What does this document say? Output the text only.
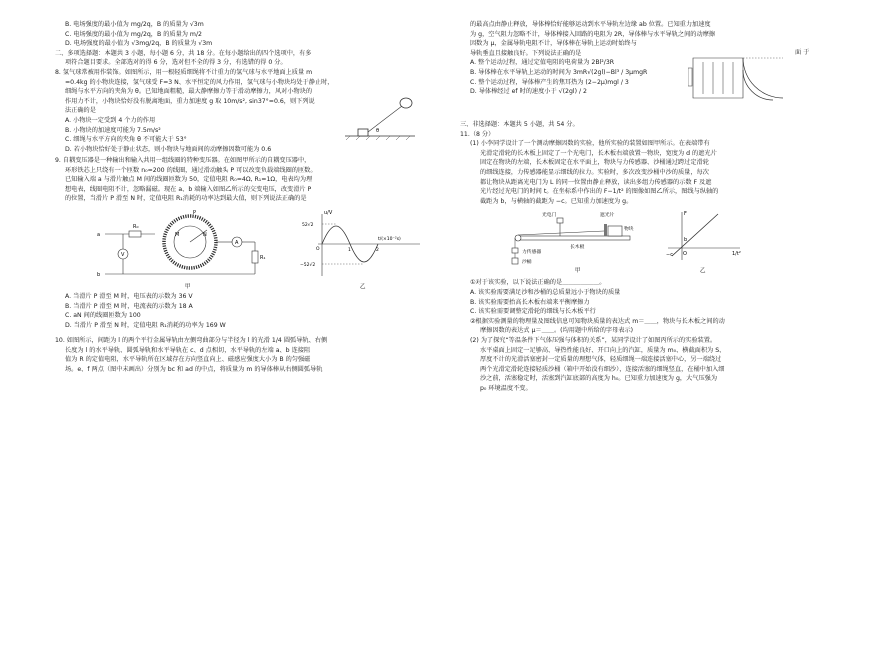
B. 电场强度的最小值为 mg/2q，B 的质量为 √3m
C. 电场强度的最小值为 mg/2q，B 的质量为 m/2
D. 电场强度的最小值为 √3mg/2q，B 的质量为 √3m
二、多项选择题：本题共 3 小题，每小题 6 分，共 18 分。在每小题给出的四个选项中，有多
项符合题目要求。全部选对的得 6 分，选对但不全的得 3 分，有选错的得 0 分。
8. 氢气球常被用作装饰。如图所示，用一根轻质细绳将不计重力的氢气球与水平地面上质量 m
=0.4kg 的小物块连接，氢气球受 F=3 N、水平恒定的风力作用，氢气球与小物块均处于静止时，
细绳与水平方向的夹角为 θ。已知地面粗糙，最大静摩擦力等于滑动摩擦力，风对小物块的
作用力不计，小物块恰好没有脱离地面，重力加速度 g 取 10m/s², sin37°=0.6，则下列说
法正确的是
A. 小物块一定受到 4 个力的作用
B. 小物块的加速度可能为 7.5m/s²
C. 细绳与水平方向的夹角 θ 不可能大于 53°
D. 若小物块恰好处于静止状态，则小物块与地面间的动摩擦因数可能为 0.6
θ
9. 自耦变压器是一种输出和输入共用一组线圈的特种变压器。在如图甲所示的自耦变压器中，
环形铁芯上只绕有一个匝数 n₀=200 的线圈，通过滑动触头 P 可以改变负载端线圈的匝数。
已知输入端 a 与滑片触点 M 间的线圈匝数为 50，定值电阻 R₀=4Ω, R₁=1Ω，电表均为理
想电表，线圈电阻不计，忽略漏磁。现在 a、b 端输入如图乙所示的交变电压，改变滑片 P
的位置，当滑片 P 滑至 N 时，定值电阻 R₁消耗的功率达到最大值，则下列说法正确的是
R₀
V
A
R₁
a
b
P
M	N
甲
u/V
t/(×10⁻²s)
52√2
−52√2
O	1	2
乙
A. 当滑片 P 滑至 M 时，电压表的示数为 36 V
B. 当滑片 P 滑至 M 时，电流表的示数为 18 A
C. aN 间的线圈匝数为 100
D. 当滑片 P 滑至 N 时，定值电阻 R₁消耗的功率为 169 W
10. 如图所示，间距为 l 的两个平行金属导轨由左侧弯曲部分与半径为 l 的光滑 1/4 圆弧导轨、右侧
长度为 l 的水平导轨、圆弧导轨和水平导轨在 c、d 点相切，水平导轨的左端 a、b 连接阻
值为 R 的定值电阻，水平导轨所在区域存在方向竖直向上、磁感应强度大小为 B 的匀强磁
场。e、f 两点（图中未画出）分别为 bc 和 ad 的中点，将质量为 m 的导体棒从右侧圆弧导轨
的最高点由静止释放，导体棒恰好能够运动到水平导轨左边缘 ab 位置。已知重力加速度
为 g，空气阻力忽略不计，导体棒接入回路的电阻为 2R，导体棒与水平导轨之间的动摩擦
因数为 μ，金属导轨电阻不计，导体棒在导轨上运动时始终与
导轨垂直且接触良好。下列说法正确的是
A. 整个运动过程，通过定值电阻的电荷量为 2Bl²/3R
B. 导体棒在水平导轨上运动的时间为 3mR√(2gl)−Bl³ / 3μmgR
C. 整个运动过程，导体棒产生的焦耳热为 (2−2μ)mgl / 3
D. 导体棒经过 ef 时的速度小于 √(2gl) / 2
面 于
三、非选择题：本题共 5 小题，共 54 分。
11.（8 分）
(1) 小李同学设计了一个测动摩擦因数的实验，他所实验的装置如图甲所示。在表端带有
光滑定滑轮的长木板上固定了一个光电门，长木板右端放置一物块，宽度为 d 的遮光片
固定在物块的左端，长木板固定在水平面上，物块与力传感器、沙桶通过跨过定滑轮
的细线连接，力传感器能显示细线的拉力。实验时，多次改变沙桶中沙的质量，每次
都让物块从距离光电门为 L 的同一位置由静止释放，读出多组力传感器的示数 F 及遮
光片经过光电门的时间 t。在坐标系中作出的 F−1/t² 的图像如图乙所示，图线与纵轴的
截距为 b，与横轴的截距为 −c。已知重力加速度为 g。
光电门	遮光片
物块
力传感器
沙桶
长木板
甲
F
b
−c O	1/t²
乙
①对于该实验，以下说法正确的是＿＿＿＿＿＿。
A. 该实验需要满足沙和沙桶的总质量远小于物块的质量
B. 该实验需要抬高长木板右端来平衡摩擦力
C. 该实验需要调整定滑轮的细线与长木板平行
②根据实验测量的物理量及图线信息可知物块质量的表达式 m＝＿＿，物块与长木板之间的动
摩擦因数的表达式 μ＝＿＿。(均用题中所给的字母表示)
(2) 为了探究“等温条件下气体压强与体积的关系”，某同学设计了如图丙所示的实验装置。
水平桌面上固定一足够高、导热性能良好、开口向上的汽缸，质量为 m₀、横截面积为 S、
厚度不计的光滑活塞密封一定质量的理想气体，轻质细绳一端连接活塞中心，另一端绕过
两个光滑定滑轮连接轻质沙桶（箱中开始没有细沙），连接活塞的细绳竖直，在桶中加入细
沙之前，活塞稳定时，活塞到汽缸底部的高度为 h₀。已知重力加速度为 g，大气压强为
p₀ 环境温度不变。
